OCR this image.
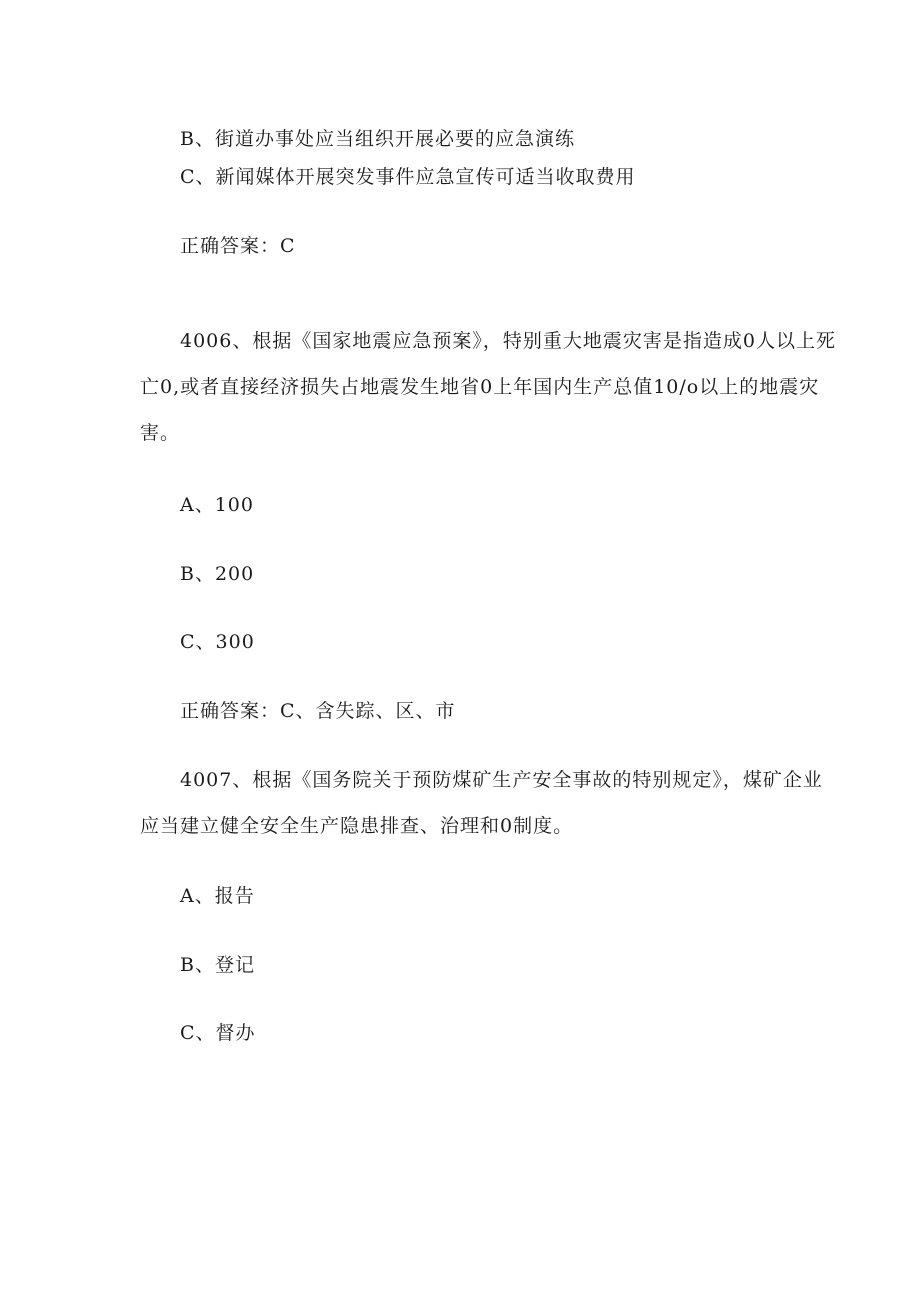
B、街道办事处应当组织开展必要的应急演练
C、新闻媒体开展突发事件应急宣传可适当收取费用
正确答案：C
4006、根据《国家地震应急预案》，特别重大地震灾害是指造成0人以上死
亡0,或者直接经济损失占地震发生地省0上年国内生产总值10/o以上的地震灾
害。
A、100
B、200
C、300
正确答案：C、含失踪、区、市
4007、根据《国务院关于预防煤矿生产安全事故的特别规定》，煤矿企业
应当建立健全安全生产隐患排查、治理和0制度。
A、报告
B、登记
C、督办
